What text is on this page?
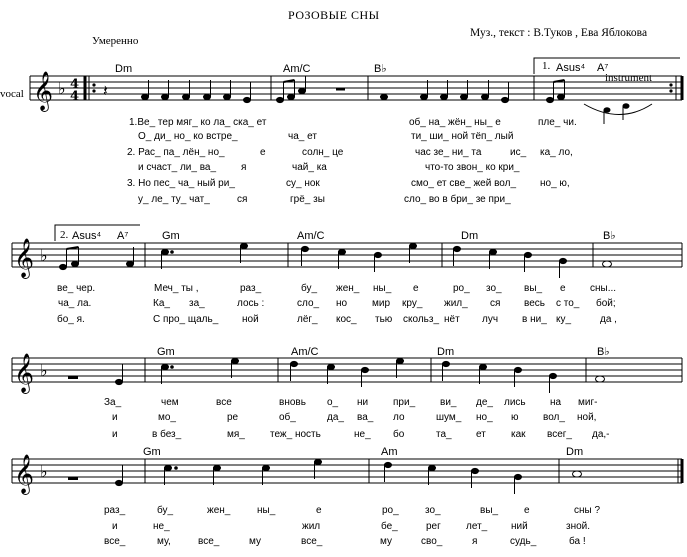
РОЗОВЫЕ СНЫ
Муз., текст : В.Туков , Ева Яблокова
Умеренно
vocal
Dm	Am/C	B♭	1. Asus⁴ A⁷
instrument
1.Ве_ тер мяг_ ко ла_ ска_ ет	об_ на_ жён_ ны_ е	пле_ чи.
О_ ди_ но_ ко встре_	ча_ ет	ти_ ши_ ной тёп_ лый
2. Рас_ па_ лён_ но_	е	солн_ це	час зе_ ни_ та	ис_ ка_ ло,
и счаст_ ли_ ва_ я	чай_ ка	что-то звон_ ко кри_
3. Но пес_ ча_ ный ри_	су_ нок	смо_ ет све_ жей вол_ но_ ю,
у_ ле_ ту_ чат_	ся	грё_ зы	сло_ во в бри_ зе при_
2. Asus⁴ A⁷	Gm	Am/C	Dm	B♭
ве_ чер.	Меч_ ты ,	раз_	бу_ жен_ ны_ е	ро_ зо_ вы_ е сны...
ча_ ла.	Ка_ за_	лось :	сло_ но мир кру_ жил_ ся весь с то_ бой;
бо_ я.	С про_ щаль_ ной	лёг_ кос_ тью скольз_ нёт луч в ни_ ку_	да ,
Gm	Am/C	Dm	B♭
За_	чем	все	вновь о_ ни при_ ви_ де_ лись на миг-
и	мо_	ре	об_	да_ ва_ ло	шум_ но_ ю вол_ ной,
и	в без_	мя_	теж_ ность	не_ бо	та_ ет	как всег_ да,-
Gm	Am	Dm
раз_	бу_	жен_	ны_	е	ро_	зо_	вы_	е	сны ?
и	не_	жил	бе_	рег	лет_ ний	зной.
все_	му,	все_	му	все_	му	сво_	я	судь_	ба !
𝄞
𝄞
𝄞
𝄞
♭
♭
♭
♭
4
4 𝄽
